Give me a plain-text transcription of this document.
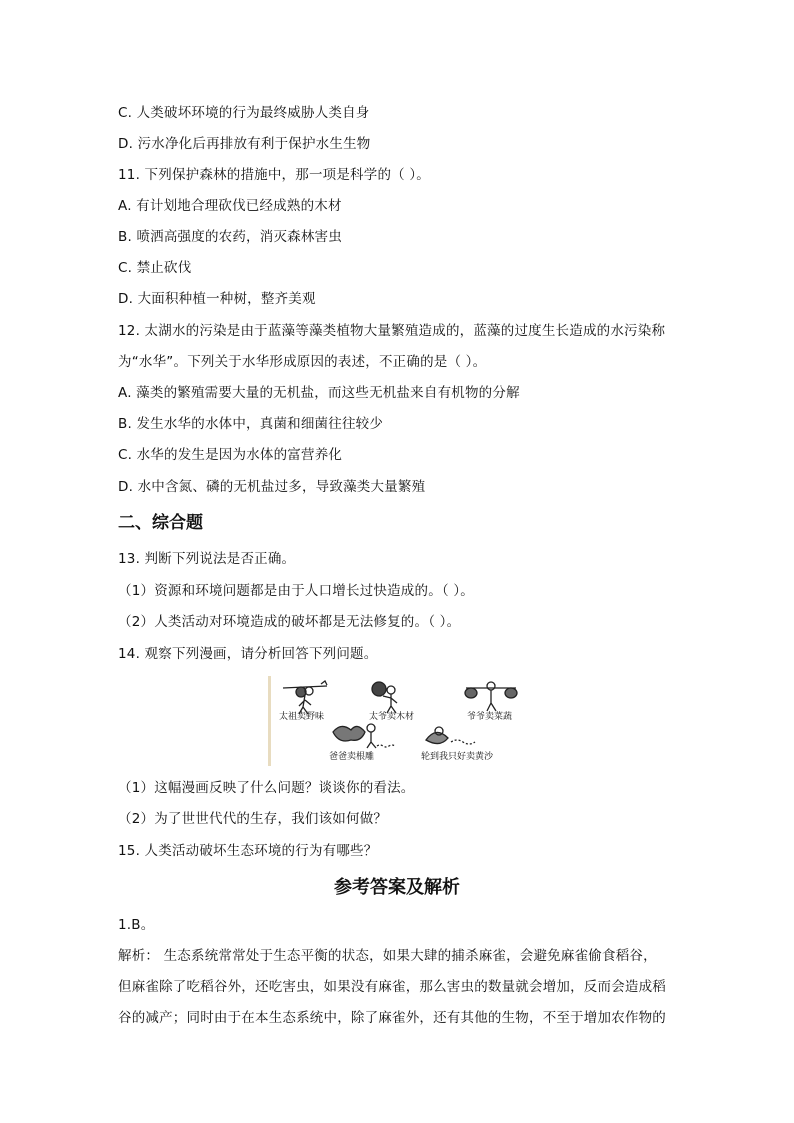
C. 人类破坏环境的行为最终威胁人类自身
D. 污水净化后再排放有利于保护水生生物
11. 下列保护森林的措施中，那一项是科学的（ ）。
A. 有计划地合理砍伐已经成熟的木材
B. 喷洒高强度的农药，消灭森林害虫
C. 禁止砍伐
D. 大面积种植一种树，整齐美观
12. 太湖水的污染是由于蓝藻等藻类植物大量繁殖造成的，蓝藻的过度生长造成的水污染称
为“水华”。下列关于水华形成原因的表述，不正确的是（ ）。
A. 藻类的繁殖需要大量的无机盐，而这些无机盐来自有机物的分解
B. 发生水华的水体中，真菌和细菌往往较少
C. 水华的发生是因为水体的富营养化
D. 水中含氮、磷的无机盐过多，导致藻类大量繁殖
二、综合题
13. 判断下列说法是否正确。
（1）资源和环境问题都是由于人口增长过快造成的。（ ）。
（2）人类活动对环境造成的破坏都是无法修复的。（ ）。
14. 观察下列漫画，请分析回答下列问题。
太祖卖野味	太爷卖木材	爷爷卖菜蔬
爸爸卖根雕	轮到我只好卖黄沙
（1）这幅漫画反映了什么问题？谈谈你的看法。
（2）为了世世代代的生存，我们该如何做？
15. 人类活动破坏生态环境的行为有哪些？
参考答案及解析
1.B。
解析： 生态系统常常处于生态平衡的状态，如果大肆的捕杀麻雀，会避免麻雀偷食稻谷，
但麻雀除了吃稻谷外，还吃害虫，如果没有麻雀，那么害虫的数量就会增加，反而会造成稻
谷的减产；同时由于在本生态系统中，除了麻雀外，还有其他的生物，不至于增加农作物的
